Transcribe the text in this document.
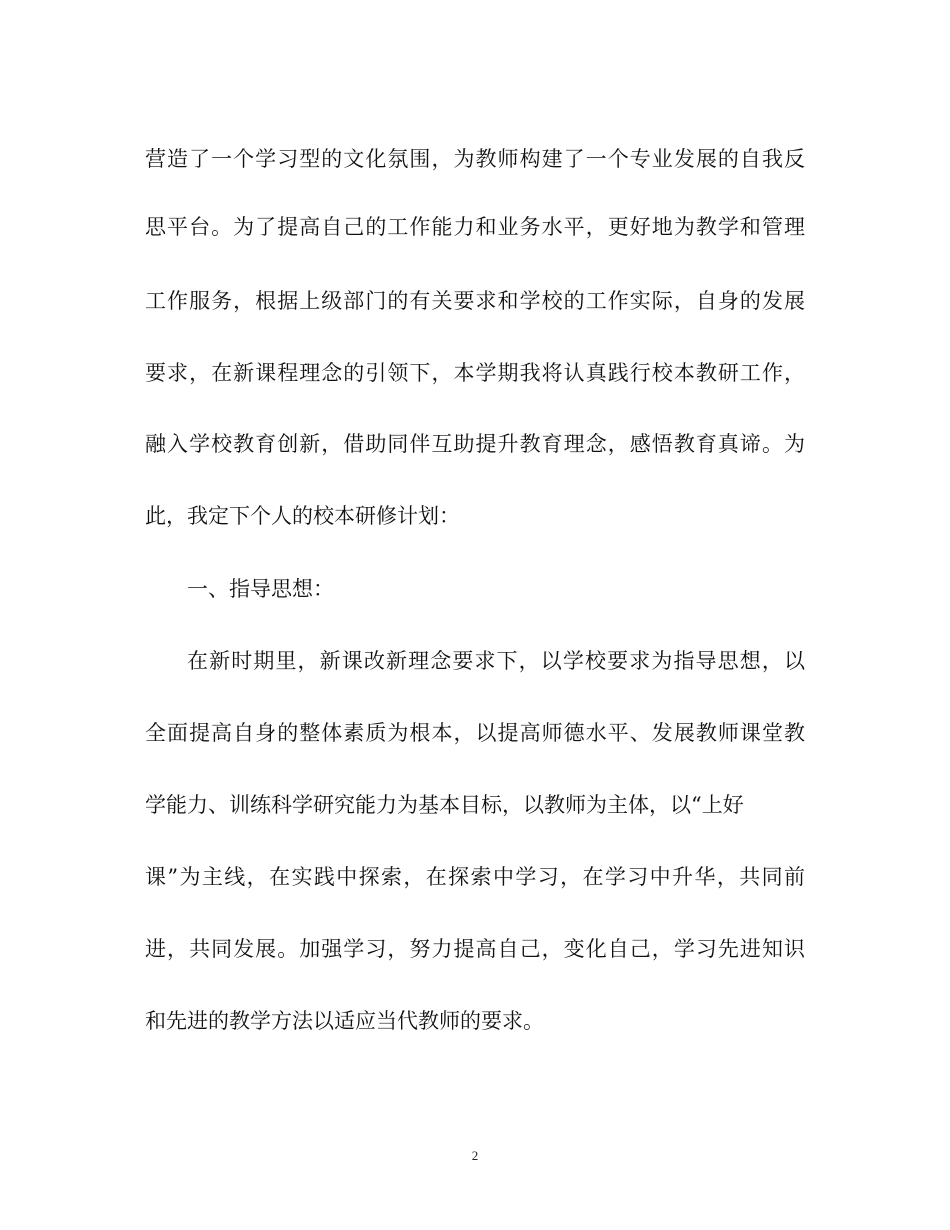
营造了一个学习型的文化氛围，为教师构建了一个专业发展的自我反
思平台。为了提高自己的工作能力和业务水平，更好地为教学和管理
工作服务，根据上级部门的有关要求和学校的工作实际，自身的发展
要求，在新课程理念的引领下，本学期我将认真践行校本教研工作，
融入学校教育创新，借助同伴互助提升教育理念，感悟教育真谛。为
此，我定下个人的校本研修计划：
一、指导思想：
在新时期里，新课改新理念要求下，以学校要求为指导思想，以
全面提高自身的整体素质为根本，以提高师德水平、发展教师课堂教
学能力、训练科学研究能力为基本目标，以教师为主体，以“上好
课”为主线，在实践中探索，在探索中学习，在学习中升华，共同前
进，共同发展。加强学习，努力提高自己，变化自己，学习先进知识
和先进的教学方法以适应当代教师的要求。
2
